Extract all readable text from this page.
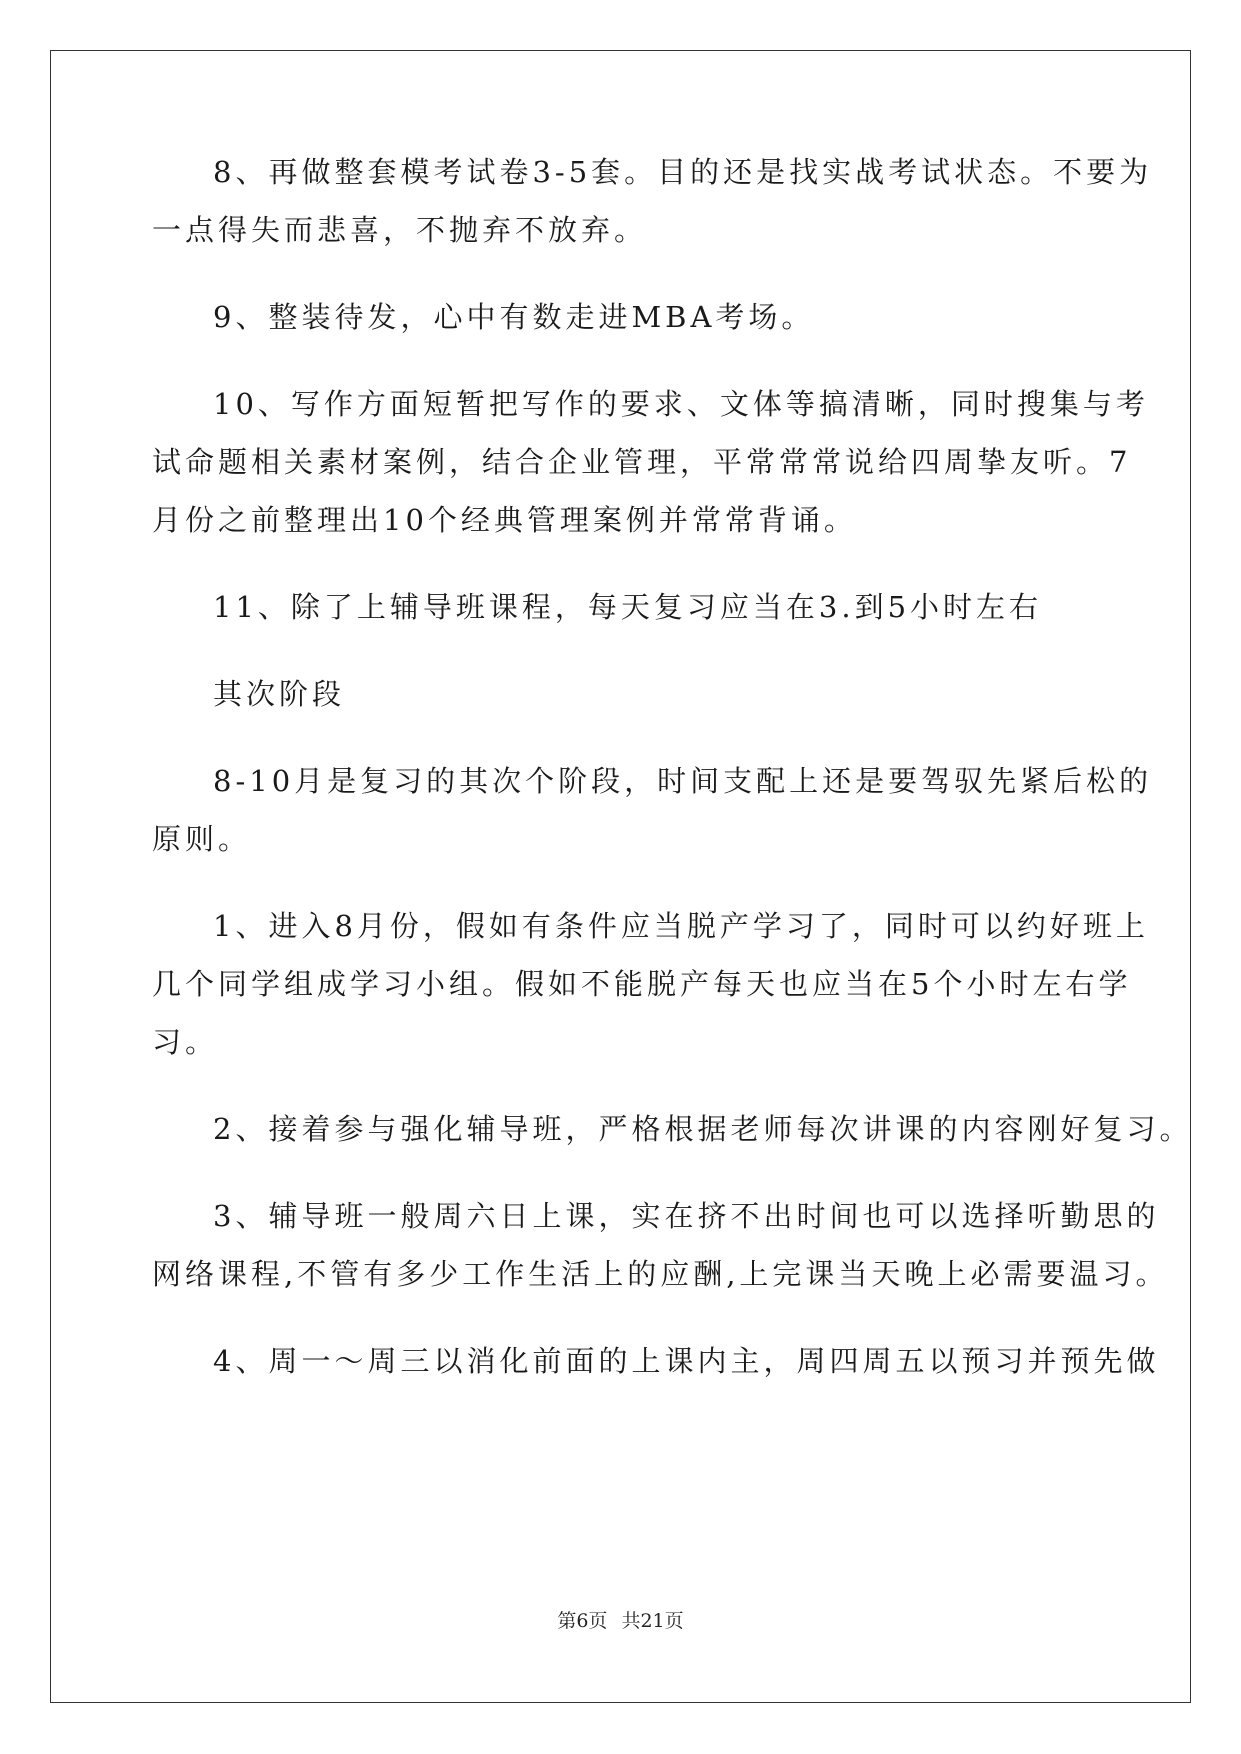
8、再做整套模考试卷3-5套。目的还是找实战考试状态。不要为
一点得失而悲喜，不抛弃不放弃。
9、整装待发，心中有数走进MBA考场。
10、写作方面短暂把写作的要求、文体等搞清晰，同时搜集与考
试命题相关素材案例，结合企业管理，平常常常说给四周挚友听。7
月份之前整理出10个经典管理案例并常常背诵。
11、除了上辅导班课程，每天复习应当在3.到5小时左右
其次阶段
8-10月是复习的其次个阶段，时间支配上还是要驾驭先紧后松的
原则。
1、进入8月份，假如有条件应当脱产学习了，同时可以约好班上
几个同学组成学习小组。假如不能脱产每天也应当在5个小时左右学
习。
2、接着参与强化辅导班，严格根据老师每次讲课的内容刚好复习。
3、辅导班一般周六日上课，实在挤不出时间也可以选择听勤思的
网络课程,不管有多少工作生活上的应酬,上完课当天晚上必需要温习。
4、周一～周三以消化前面的上课内主，周四周五以预习并预先做
第6页 共21页
